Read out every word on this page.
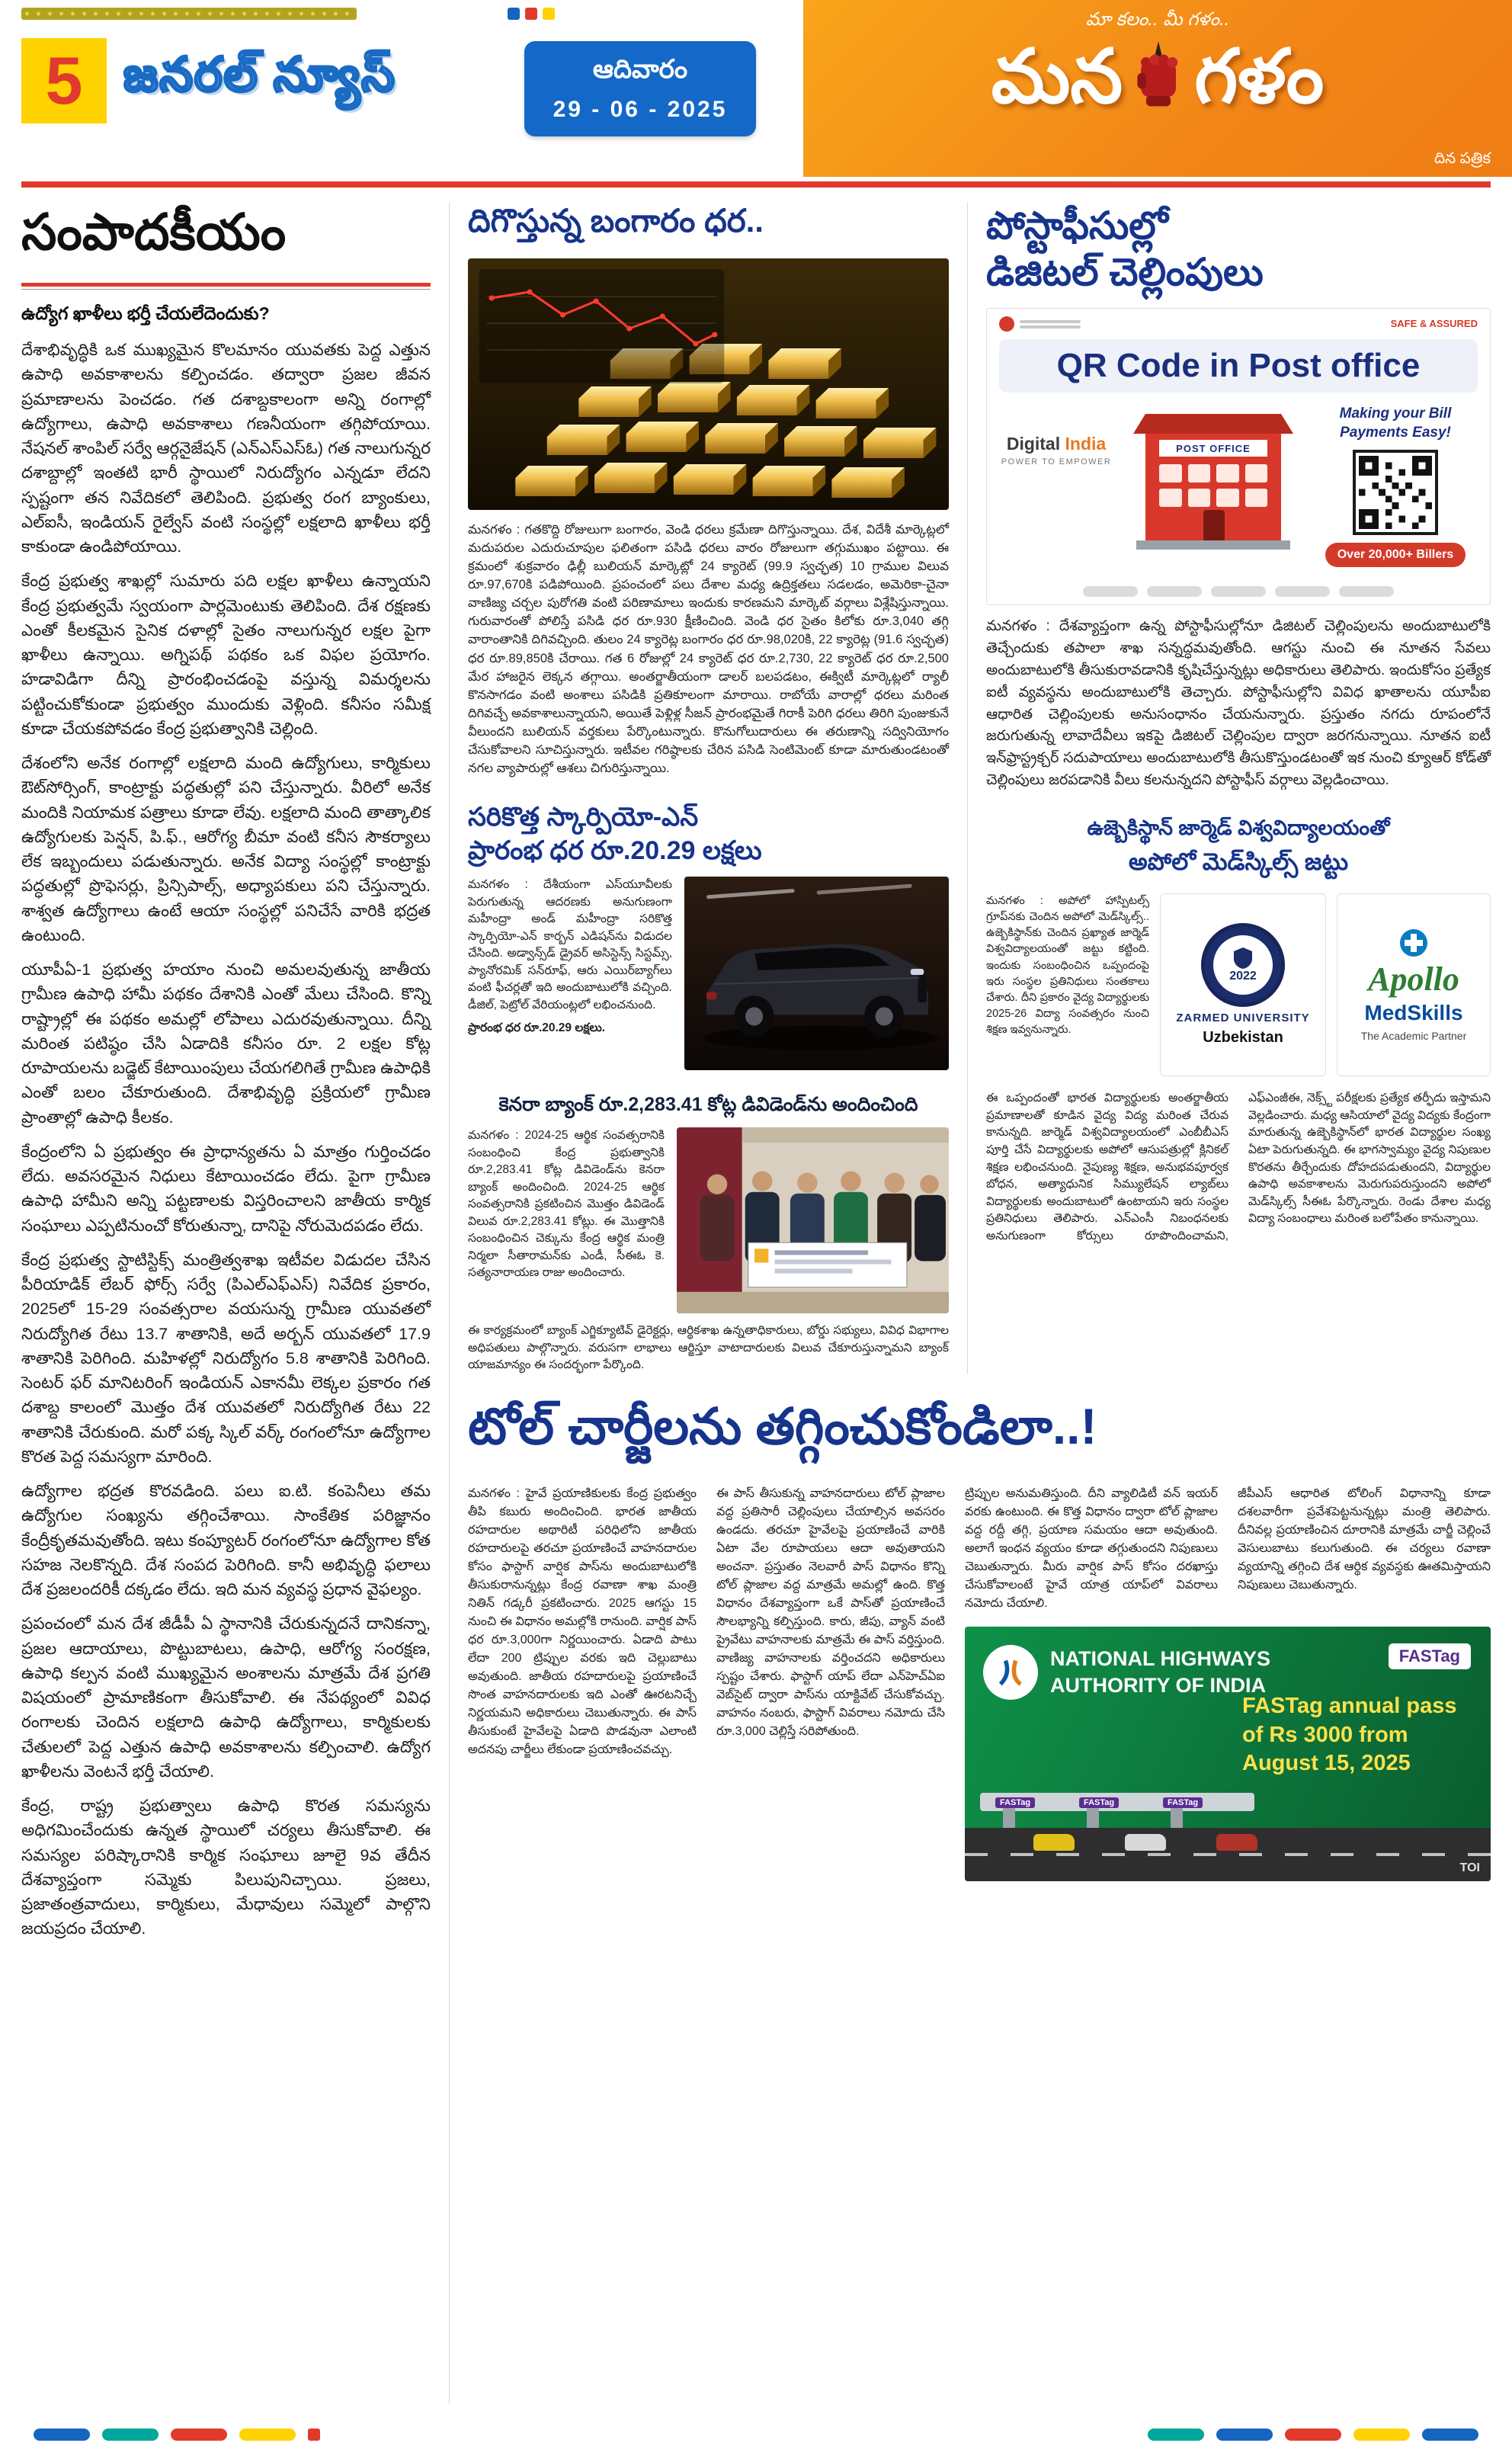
5 జనరల్ న్యూస్	ఆదివారం
29 - 06 - 2025
మా కలం.. మీ గళం..
మన గళం
దిన పత్రిక
సంపాదకీయం

ఉద్యోగ ఖాళీలు భర్తీ చేయలేదెందుకు?

దేశాభివృద్ధికి ఒక ముఖ్యమైన కొలమానం యువతకు పెద్ద ఎత్తున ఉపాధి అవకాశాలను కల్పించడం. తద్వారా ప్రజల జీవన ప్రమాణాలను పెంచడం. గత దశాబ్దకాలంగా అన్ని రంగాల్లో ఉద్యోగాలు, ఉపాధి అవకాశాలు గణనీయంగా తగ్గిపోయాయి. నేషనల్ శాంపిల్ సర్వే ఆర్గనైజేషన్ (ఎన్ఎస్ఎస్ఓ) గత నాలుగున్నర దశాబ్దాల్లో ఇంతటి భారీ స్థాయిలో నిరుద్యోగం ఎన్నడూ లేదని స్పష్టంగా తన నివేదికలో తెలిపింది. ప్రభుత్వ రంగ బ్యాంకులు, ఎల్ఐసీ, ఇండియన్ రైల్వేస్ వంటి సంస్థల్లో లక్షలాది ఖాళీలు భర్తీ కాకుండా ఉండిపోయాయి.

కేంద్ర ప్రభుత్వ శాఖల్లో సుమారు పది లక్షల ఖాళీలు ఉన్నాయని కేంద్ర ప్రభుత్వమే స్వయంగా పార్లమెంటుకు తెలిపింది. దేశ రక్షణకు ఎంతో కీలకమైన సైనిక దళాల్లో సైతం నాలుగున్నర లక్షల పైగా ఖాళీలు ఉన్నాయి. అగ్నిపథ్ పథకం ఒక విఫల ప్రయోగం. హడావిడిగా దీన్ని ప్రారంభించడంపై వస్తున్న విమర్శలను పట్టించుకోకుండా ప్రభుత్వం ముందుకు వెళ్లింది. కనీసం సమీక్ష కూడా చేయకపోవడం కేంద్ర ప్రభుత్వానికి చెల్లింది.

దేశంలోని అనేక రంగాల్లో లక్షలాది మంది ఉద్యోగులు, కార్మికులు ఔట్‌సోర్సింగ్, కాంట్రాక్టు పద్ధతుల్లో పని చేస్తున్నారు. వీరిలో అనేక మందికి నియామక పత్రాలు కూడా లేవు. లక్షలాది మంది తాత్కాలిక ఉద్యోగులకు పెన్షన్, పి.ఫ్., ఆరోగ్య బీమా వంటి కనీస సౌకర్యాలు లేక ఇబ్బందులు పడుతున్నారు. అనేక విద్యా సంస్థల్లో కాంట్రాక్టు పద్ధతుల్లో ప్రొఫెసర్లు, ప్రిన్సిపాల్స్, అధ్యాపకులు పని చేస్తున్నారు. శాశ్వత ఉద్యోగాలు ఉంటే ఆయా సంస్థల్లో పనిచేసే వారికి భద్రత ఉంటుంది.

యూపీఏ-1 ప్రభుత్వ హయాం నుంచి అమలవుతున్న జాతీయ గ్రామీణ ఉపాధి హామీ పథకం దేశానికి ఎంతో మేలు చేసింది. కొన్ని రాష్ట్రాల్లో ఈ పథకం అమల్లో లోపాలు ఎదురవుతున్నాయి. దీన్ని మరింత పటిష్ఠం చేసి ఏడాదికి కనీసం రూ. 2 లక్షల కోట్ల రూపాయలను బడ్జెట్ కేటాయింపులు చేయగలిగితే గ్రామీణ ఉపాధికి ఎంతో బలం చేకూరుతుంది. దేశాభివృద్ధి ప్రక్రియలో గ్రామీణ ప్రాంతాల్లో ఉపాధి కీలకం.

కేంద్రంలోని ఏ ప్రభుత్వం ఈ ప్రాధాన్యతను ఏ మాత్రం గుర్తించడం లేదు. అవసరమైన నిధులు కేటాయించడం లేదు. పైగా గ్రామీణ ఉపాధి హామీని అన్ని పట్టణాలకు విస్తరించాలని జాతీయ కార్మిక సంఘాలు ఎప్పటినుంచో కోరుతున్నా, దానిపై నోరుమెదపడం లేదు.

కేంద్ర ప్రభుత్వ స్టాటిస్టిక్స్ మంత్రిత్వశాఖ ఇటీవల విడుదల చేసిన పీరియాడిక్ లేబర్ ఫోర్స్ సర్వే (పిఎల్ఎఫ్ఎస్) నివేదిక ప్రకారం, 2025లో 15-29 సంవత్సరాల వయసున్న గ్రామీణ యువతలో నిరుద్యోగిత రేటు 13.7 శాతానికి, అదే అర్బన్ యువతలో 17.9 శాతానికి పెరిగింది. మహిళల్లో నిరుద్యోగం 5.8 శాతానికి పెరిగింది. సెంటర్ ఫర్ మానిటరింగ్ ఇండియన్ ఎకానమీ లెక్కల ప్రకారం గత దశాబ్ద కాలంలో మొత్తం దేశ యువతలో నిరుద్యోగిత రేటు 22 శాతానికి చేరుకుంది. మరో పక్క స్కిల్ వర్క్ రంగంలోనూ ఉద్యోగాల కొరత పెద్ద సమస్యగా మారింది.

ఉద్యోగాల భద్రత కొరవడింది. పలు ఐ.టి. కంపెనీలు తమ ఉద్యోగుల సంఖ్యను తగ్గించేశాయి. సాంకేతిక పరిజ్ఞానం కేంద్రీకృతమవుతోంది. ఇటు కంప్యూటర్ రంగంలోనూ ఉద్యోగాల కోత సహజ నెలకొన్నది. దేశ సంపద పెరిగింది. కానీ అభివృద్ధి ఫలాలు దేశ ప్రజలందరికీ దక్కడం లేదు. ఇది మన వ్యవస్థ ప్రధాన వైఫల్యం.

ప్రపంచంలో మన దేశ జీడీపీ ఏ స్థానానికి చేరుకున్నదనే దానికన్నా, ప్రజల ఆదాయాలు, పొట్టుబాటలు, ఉపాధి, ఆరోగ్య సంరక్షణ, ఉపాధి కల్పన వంటి ముఖ్యమైన అంశాలను మాత్రమే దేశ ప్రగతి విషయంలో ప్రామాణికంగా తీసుకోవాలి. ఈ నేపథ్యంలో వివిధ రంగాలకు చెందిన లక్షలాది ఉపాధి ఉద్యోగాలు, కార్మికులకు చేతులలో పెద్ద ఎత్తున ఉపాధి అవకాశాలను కల్పించాలి. ఉద్యోగ ఖాళీలను వెంటనే భర్తీ చేయాలి.

కేంద్ర, రాష్ట్ర ప్రభుత్వాలు ఉపాధి కొరత సమస్యను అధిగమించేందుకు ఉన్నత స్థాయిలో చర్యలు తీసుకోవాలి. ఈ సమస్యల పరిష్కారానికి కార్మిక సంఘాలు జూలై 9వ తేదీన దేశవ్యాప్తంగా సమ్మెకు పిలుపునిచ్చాయి. ప్రజలు, ప్రజాతంత్రవాదులు, కార్మికులు, మేధావులు సమ్మెలో పాల్గొని జయప్రదం చేయాలి.

దిగొస్తున్న బంగారం ధర..

మనగళం : గతకొద్ది రోజులుగా బంగారం, వెండి ధరలు క్రమేణా దిగొస్తున్నాయి. దేశ, విదేశీ మార్కెట్లలో మదుపరుల ఎదురుచూపుల ఫలితంగా పసిడి ధరలు వారం రోజులుగా తగ్గుముఖం పట్టాయి. ఈ క్రమంలో శుక్రవారం ఢిల్లీ బులియన్ మార్కెట్లో 24 క్యారెట్ (99.9 స్వచ్ఛత) 10 గ్రాముల విలువ రూ.97,670కి పడిపోయింది. ప్రపంచంలో పలు దేశాల మధ్య ఉద్రిక్తతలు సడలడం, అమెరికా-చైనా వాణిజ్య చర్చల పురోగతి వంటి పరిణామాలు ఇందుకు కారణమని మార్కెట్ వర్గాలు విశ్లేషిస్తున్నాయి. గురువారంతో పోలిస్తే పసిడి ధర రూ.930 క్షీణించింది. వెండి ధర సైతం కిలోకు రూ.3,040 తగ్గి వారాంతానికి దిగివచ్చింది. తులం 24 క్యారెట్ల బంగారం ధర రూ.98,020కి, 22 క్యారెట్ల (91.6 స్వచ్ఛత) ధర రూ.89,850కి చేరాయి. గత 6 రోజుల్లో 24 క్యారెట్ ధర రూ.2,730, 22 క్యారెట్ ధర రూ.2,500 మేర హాజరైన లెక్కన తగ్గాయి. అంతర్జాతీయంగా డాలర్ బలపడటం, ఈక్విటీ మార్కెట్లలో ర్యాలీ కొనసాగడం వంటి అంశాలు పసిడికి ప్రతికూలంగా మారాయి. రాబోయే వారాల్లో ధరలు మరింత దిగివచ్చే అవకాశాలున్నాయని, అయితే పెళ్లిళ్ల సీజన్ ప్రారంభమైతే గిరాకీ పెరిగి ధరలు తిరిగి పుంజుకునే వీలుందని బులియన్ వర్తకులు పేర్కొంటున్నారు. కొనుగోలుదారులు ఈ తరుణాన్ని సద్వినియోగం చేసుకోవాలని సూచిస్తున్నారు. ఇటీవల గరిష్ఠాలకు చేరిన పసిడి సెంటిమెంట్ కూడా మారుతుండటంతో నగల వ్యాపారుల్లో ఆశలు చిగురిస్తున్నాయి.

సరికొత్త స్కార్పియో-ఎన్
ప్రారంభ ధర రూ.20.29 లక్షలు

మనగళం : దేశీయంగా ఎస్‌యూవీలకు పెరుగుతున్న ఆదరణకు అనుగుణంగా మహీంద్రా అండ్ మహీంద్రా సరికొత్త స్కార్పియో-ఎన్ కార్బన్ ఎడిషన్‌ను విడుదల చేసింది. అడ్వాన్స్‌డ్ డ్రైవర్ అసిస్టెన్స్ సిస్టమ్స్, ప్యానోరమిక్ సన్‌రూఫ్, ఆరు ఎయిర్‌బ్యాగ్‌లు వంటి ఫీచర్లతో ఇది అందుబాటులోకి వచ్చింది. డీజిల్, పెట్రోల్ వేరియంట్లలో లభించనుంది.

ప్రారంభ ధర రూ.20.29 లక్షలు.

కెనరా బ్యాంక్ రూ.2,283.41 కోట్ల డివిడెండ్‌ను అందించింది

మనగళం : 2024-25 ఆర్థిక సంవత్సరానికి సంబంధించి కేంద్ర ప్రభుత్వానికి రూ.2,283.41 కోట్ల డివిడెండ్‌ను కెనరా బ్యాంక్ అందించింది. 2024-25 ఆర్థిక సంవత్సరానికి ప్రకటించిన మొత్తం డివిడెండ్ విలువ రూ.2,283.41 కోట్లు. ఈ మొత్తానికి సంబంధించిన చెక్కును కేంద్ర ఆర్థిక మంత్రి నిర్మలా సీతారామన్‌కు ఎండీ, సీఈఓ కె. సత్యనారాయణ రాజు అందించారు.

ఈ కార్యక్రమంలో బ్యాంక్ ఎగ్జిక్యూటివ్ డైరెక్టర్లు, ఆర్థికశాఖ ఉన్నతాధికారులు, బోర్డు సభ్యులు, వివిధ విభాగాల అధిపతులు పాల్గొన్నారు. వరుసగా లాభాలు ఆర్జిస్తూ వాటాదారులకు విలువ చేకూరుస్తున్నామని బ్యాంక్ యాజమాన్యం ఈ సందర్భంగా పేర్కొంది.

పోస్టాఫీసుల్లో
డిజిటల్ చెల్లింపులు
SAFE & ASSURED
QR Code in Post office
Digital India
POWER TO EMPOWER
POST OFFICE
Making your Bill Payments Easy!
Over 20,000+ Billers

మనగళం : దేశవ్యాప్తంగా ఉన్న పోస్టాఫీసుల్లోనూ డిజిటల్ చెల్లింపులను అందుబాటులోకి తెచ్చేందుకు తపాలా శాఖ సన్నద్ధమవుతోంది. ఆగస్టు నుంచి ఈ నూతన సేవలు అందుబాటులోకి తీసుకురావడానికి కృషిచేస్తున్నట్లు అధికారులు తెలిపారు. ఇందుకోసం ప్రత్యేక ఐటీ వ్యవస్థను అందుబాటులోకి తెచ్చారు. పోస్టాఫీసుల్లోని వివిధ ఖాతాలను యూపీఐ ఆధారిత చెల్లింపులకు అనుసంధానం చేయనున్నారు. ప్రస్తుతం నగదు రూపంలోనే జరుగుతున్న లావాదేవీలు ఇకపై డిజిటల్ చెల్లింపుల ద్వారా జరగనున్నాయి. నూతన ఐటీ ఇన్‌ఫ్రాస్ట్రక్చర్ సదుపాయాలు అందుబాటులోకి తీసుకొస్తుండటంతో ఇక నుంచి క్యూఆర్ కోడ్‌తో చెల్లింపులు జరపడానికి వీలు కలనున్నదని పోస్టాఫీస్ వర్గాలు వెల్లడించాయి.

ఉజ్బెకిస్థాన్ జార్మెడ్ విశ్వవిద్యాలయంతో
అపోలో మెడ్‌స్కిల్స్ జట్టు

మనగళం : అపోలో హాస్పిటల్స్ గ్రూప్‌నకు చెందిన అపోలో మెడ్‌స్కిల్స్.. ఉజ్బెకిస్థాన్‌కు చెందిన ప్రఖ్యాత జార్మెడ్ విశ్వవిద్యాలయంతో జట్టు కట్టింది. ఇందుకు సంబంధించిన ఒప్పందంపై ఇరు సంస్థల ప్రతినిధులు సంతకాలు చేశారు. దీని ప్రకారం వైద్య విద్యార్థులకు 2025-26 విద్యా సంవత్సరం నుంచి శిక్షణ ఇవ్వనున్నారు.

2022
ZARMED UNIVERSITY
Uzbekistan
Apollo
MedSkills
The Academic Partner

ఈ ఒప్పందంతో భారత విద్యార్థులకు అంతర్జాతీయ ప్రమాణాలతో కూడిన వైద్య విద్య మరింత చేరువ కానున్నది. జార్మెడ్ విశ్వవిద్యాలయంలో ఎంబీబీఎస్ పూర్తి చేసే విద్యార్థులకు అపోలో ఆసుపత్రుల్లో క్లినికల్ శిక్షణ లభించనుంది. నైపుణ్య శిక్షణ, అనుభవపూర్వక బోధన, అత్యాధునిక సిమ్యులేషన్ ల్యాబ్‌లు విద్యార్థులకు అందుబాటులో ఉంటాయని ఇరు సంస్థల ప్రతినిధులు తెలిపారు. ఎన్‌ఎంసీ నిబంధనలకు అనుగుణంగా కోర్సులు రూపొందించామని, ఎఫ్‌ఎంజీఈ, నెక్స్ట్ పరీక్షలకు ప్రత్యేక తర్ఫీదు ఇస్తామని వెల్లడించారు. మధ్య ఆసియాలో వైద్య విద్యకు కేంద్రంగా మారుతున్న ఉజ్బెకిస్థాన్‌లో భారత విద్యార్థుల సంఖ్య ఏటా పెరుగుతున్నది. ఈ భాగస్వామ్యం వైద్య నిపుణుల కొరతను తీర్చేందుకు దోహదపడుతుందని, విద్యార్థుల ఉపాధి అవకాశాలను మెరుగుపరుస్తుందని అపోలో మెడ్‌స్కిల్స్ సీఈఓ పేర్కొన్నారు. రెండు దేశాల మధ్య విద్యా సంబంధాలు మరింత బలోపేతం కానున్నాయి.

టోల్ చార్జీలను తగ్గించుకోండిలా..!

మనగళం : హైవే ప్రయాణికులకు కేంద్ర ప్రభుత్వం తీపి కబురు అందించింది. భారత జాతీయ రహదారుల అథారిటీ పరిధిలోని జాతీయ రహదారులపై తరచూ ప్రయాణించే వాహనదారుల కోసం ఫాస్టాగ్ వార్షిక పాస్‌ను అందుబాటులోకి తీసుకురానున్నట్లు కేంద్ర రవాణా శాఖ మంత్రి నితిన్ గడ్కరీ ప్రకటించారు. 2025 ఆగస్టు 15 నుంచి ఈ విధానం అమల్లోకి రానుంది. వార్షిక పాస్ ధర రూ.3,000గా నిర్ణయించారు. ఏడాది పాటు లేదా 200 ట్రిప్పుల వరకు ఇది చెల్లుబాటు అవుతుంది. జాతీయ రహదారులపై ప్రయాణించే సొంత వాహనదారులకు ఇది ఎంతో ఊరటనిచ్చే నిర్ణయమని అధికారులు చెబుతున్నారు. ఈ పాస్ తీసుకుంటే హైవేలపై ఏడాది పొడవునా ఎలాంటి అదనపు చార్జీలు లేకుండా ప్రయాణించవచ్చు.

ఈ పాస్ తీసుకున్న వాహనదారులు టోల్ ప్లాజాల వద్ద ప్రతిసారీ చెల్లింపులు చేయాల్సిన అవసరం ఉండదు. తరచూ హైవేలపై ప్రయాణించే వారికి ఏటా వేల రూపాయలు ఆదా అవుతాయని అంచనా. ప్రస్తుతం నెలవారీ పాస్ విధానం కొన్ని టోల్ ప్లాజాల వద్ద మాత్రమే అమల్లో ఉంది. కొత్త విధానం దేశవ్యాప్తంగా ఒకే పాస్‌తో ప్రయాణించే సౌలభ్యాన్ని కల్పిస్తుంది. కారు, జీపు, వ్యాన్ వంటి ప్రైవేటు వాహనాలకు మాత్రమే ఈ పాస్ వర్తిస్తుంది. వాణిజ్య వాహనాలకు వర్తించదని అధికారులు స్పష్టం చేశారు. ఫాస్టాగ్ యాప్ లేదా ఎన్‌హెచ్ఏఐ వెబ్‌సైట్ ద్వారా పాస్‌ను యాక్టివేట్ చేసుకోవచ్చు. వాహనం నంబరు, ఫాస్టాగ్ వివరాలు నమోదు చేసి రూ.3,000 చెల్లిస్తే సరిపోతుంది.

ట్రిప్పుల అనుమతిస్తుంది. దీని వ్యాలిడిటీ వన్ ఇయర్ వరకు ఉంటుంది. ఈ కొత్త విధానం ద్వారా టోల్ ప్లాజాల వద్ద రద్దీ తగ్గి, ప్రయాణ సమయం ఆదా అవుతుంది. అలాగే ఇంధన వ్యయం కూడా తగ్గుతుందని నిపుణులు చెబుతున్నారు. మీరు వార్షిక పాస్ కోసం దరఖాస్తు చేసుకోవాలంటే హైవే యాత్ర యాప్‌లో వివరాలు నమోదు చేయాలి.

జీపీఎస్ ఆధారిత టోలింగ్ విధానాన్ని కూడా దశలవారీగా ప్రవేశపెట్టనున్నట్లు మంత్రి తెలిపారు. దీనివల్ల ప్రయాణించిన దూరానికి మాత్రమే చార్జీ చెల్లించే వెసులుబాటు కలుగుతుంది. ఈ చర్యలు రవాణా వ్యయాన్ని తగ్గించి దేశ ఆర్థిక వ్యవస్థకు ఊతమిస్తాయని నిపుణులు చెబుతున్నారు.

NATIONAL HIGHWAYS AUTHORITY OF INDIA
FASTag
FASTag annual pass of Rs 3000 from August 15, 2025
FASTag	FASTag	FASTag
TOI
